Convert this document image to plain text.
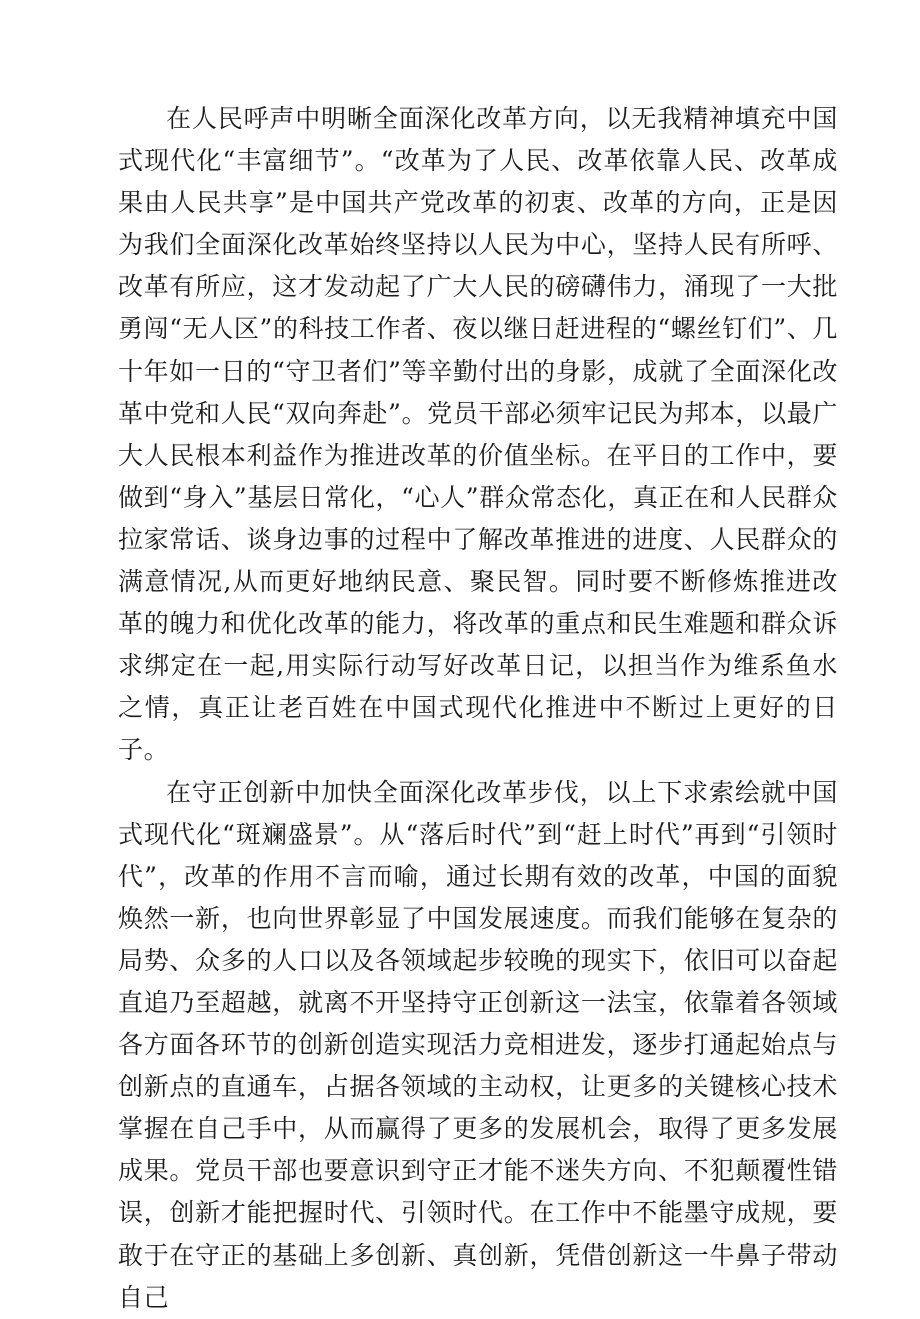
在人民呼声中明晰全面深化改革方向，以无我精神填充中国式现代化“丰富细节”。“改革为了人民、改革依靠人民、改革成果由人民共享”是中国共产党改革的初衷、改革的方向，正是因为我们全面深化改革始终坚持以人民为中心，坚持人民有所呼、改革有所应，这才发动起了广大人民的磅礴伟力，涌现了一大批勇闯“无人区”的科技工作者、夜以继日赶进程的“螺丝钉们”、几十年如一日的“守卫者们”等辛勤付出的身影，成就了全面深化改革中党和人民“双向奔赴”。党员干部必须牢记民为邦本，以最广大人民根本利益作为推进改革的价值坐标。在平日的工作中，要做到“身入”基层日常化，“心人”群众常态化，真正在和人民群众拉家常话、谈身边事的过程中了解改革推进的进度、人民群众的满意情况,从而更好地纳民意、聚民智。同时要不断修炼推进改革的魄力和优化改革的能力，将改革的重点和民生难题和群众诉求绑定在一起,用实际行动写好改革日记，以担当作为维系鱼水之情，真正让老百姓在中国式现代化推进中不断过上更好的日子。

在守正创新中加快全面深化改革步伐，以上下求索绘就中国式现代化“斑斓盛景”。从“落后时代”到“赶上时代”再到“引领时代”，改革的作用不言而喻，通过长期有效的改革，中国的面貌焕然一新，也向世界彰显了中国发展速度。而我们能够在复杂的局势、众多的人口以及各领域起步较晚的现实下，依旧可以奋起直追乃至超越，就离不开坚持守正创新这一法宝，依靠着各领域各方面各环节的创新创造实现活力竞相进发，逐步打通起始点与创新点的直通车，占据各领域的主动权，让更多的关键核心技术掌握在自己手中，从而赢得了更多的发展机会，取得了更多发展成果。党员干部也要意识到守正才能不迷失方向、不犯颠覆性错误，创新才能把握时代、引领时代。在工作中不能墨守成规，要敢于在守正的基础上多创新、真创新，凭借创新这一牛鼻子带动自己
